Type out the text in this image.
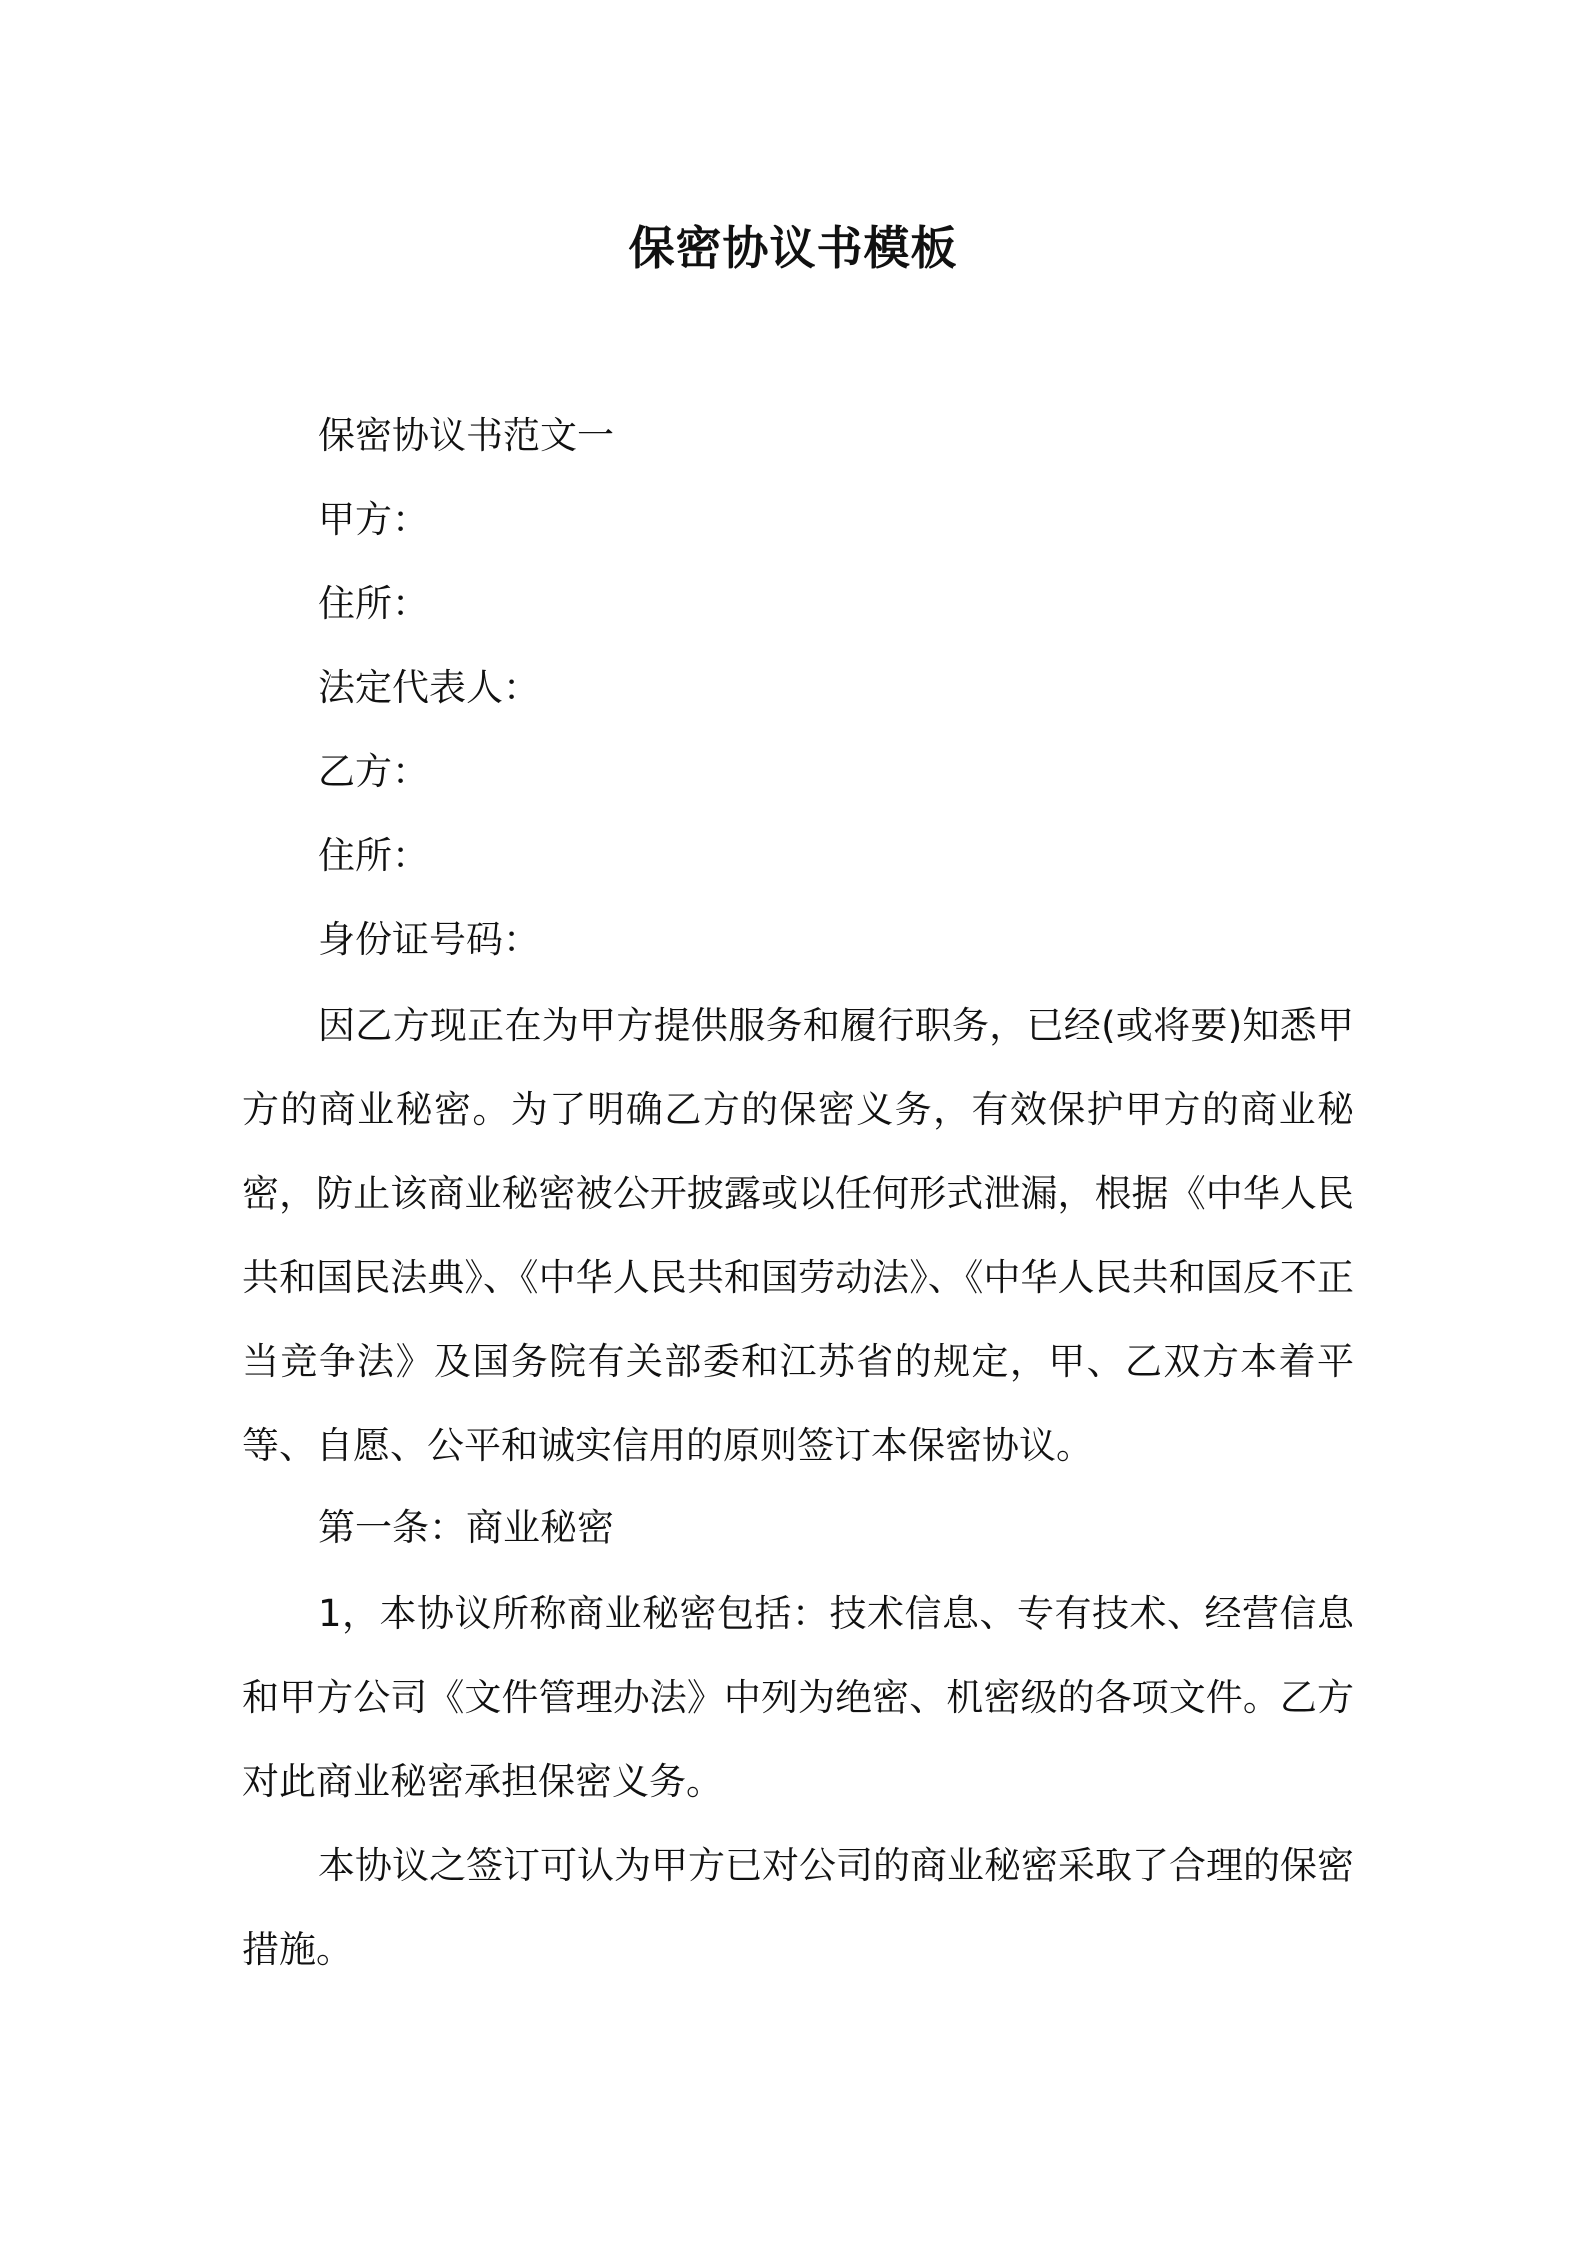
保密协议书模板
保密协议书范文一
甲方：
住所：
法定代表人：
乙方：
住所：
身份证号码：

因乙方现正在为甲方提供服务和履行职务，已经(或将要)知悉甲方的商业秘密。为了明确乙方的保密义务，有效保护甲方的商业秘密，防止该商业秘密被公开披露或以任何形式泄漏，根据《中华人民共和国民法典》、《中华人民共和国劳动法》、《中华人民共和国反不正当竞争法》及国务院有关部委和江苏省的规定，甲、乙双方本着平等、自愿、公平和诚实信用的原则签订本保密协议。

第一条：商业秘密

1，本协议所称商业秘密包括：技术信息、专有技术、经营信息和甲方公司《文件管理办法》中列为绝密、机密级的各项文件。乙方对此商业秘密承担保密义务。

本协议之签订可认为甲方已对公司的商业秘密采取了合理的保密措施。
